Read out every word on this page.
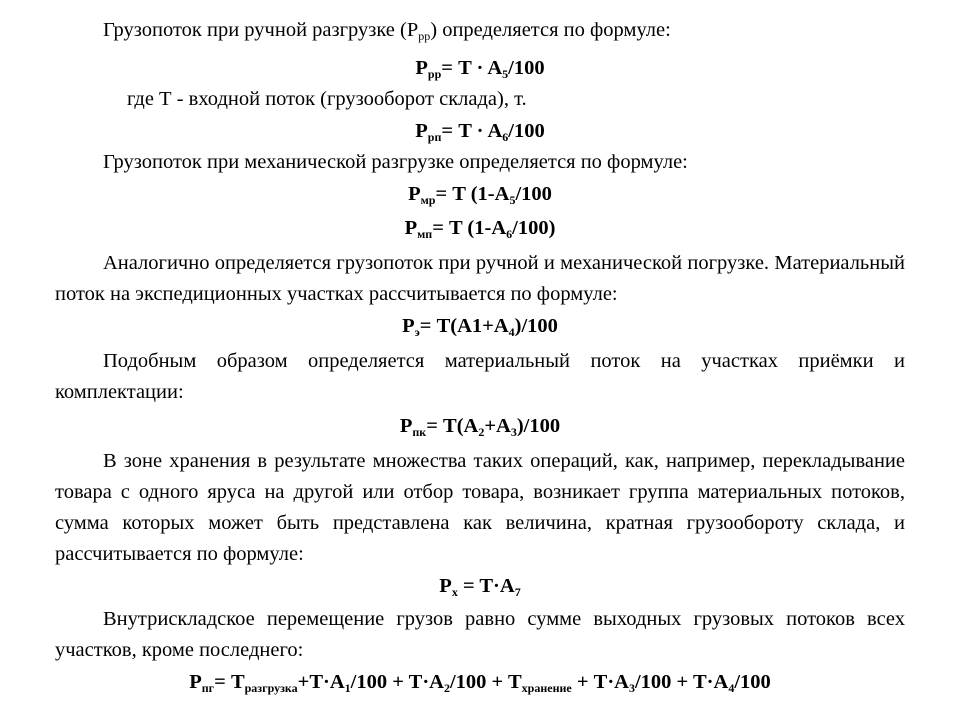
Грузопоток при ручной разгрузке $(P_{рр})$ определяется по формуле:

$P_{рр}= T \cdot A_5/100$

где Т - входной поток (грузооборот склада), т.

$P_{рп}= T \cdot A_6/100$

Грузопоток при механической разгрузке определяется по формуле:

$P_{мр}= T$ ($1-A_5/100$
$P_{мп}= T$ $(1-A_6/100)$

Аналогично определяется грузопоток при ручной и механической погрузке. Материальный поток на экспедиционных участках рассчитывается по формуле:

$P_э= T(A1+A_4)/100$

Подобным образом определяется материальный поток на участках приёмки и комплектации:

$P_{пк}= T(A_2+A_3)/100$

В зоне хранения в результате множества таких операций, как, например, перекладывание товара с одного яруса на другой или отбор товара, возникает группа материальных потоков, сумма которых может быть представлена как величина, кратная грузообороту склада, и рассчитывается по формуле:

$P_x = T\cdot A_7$

Внутрискладское перемещение грузов равно сумме выходных грузовых потоков всех участков, кроме последнего:

$P_{пг}= T_{разгрузка}+T\cdot A_1/100 + T\cdot A_2/100 + T_{хранение} + T\cdot A_3/100 + T\cdot A_4/100$
